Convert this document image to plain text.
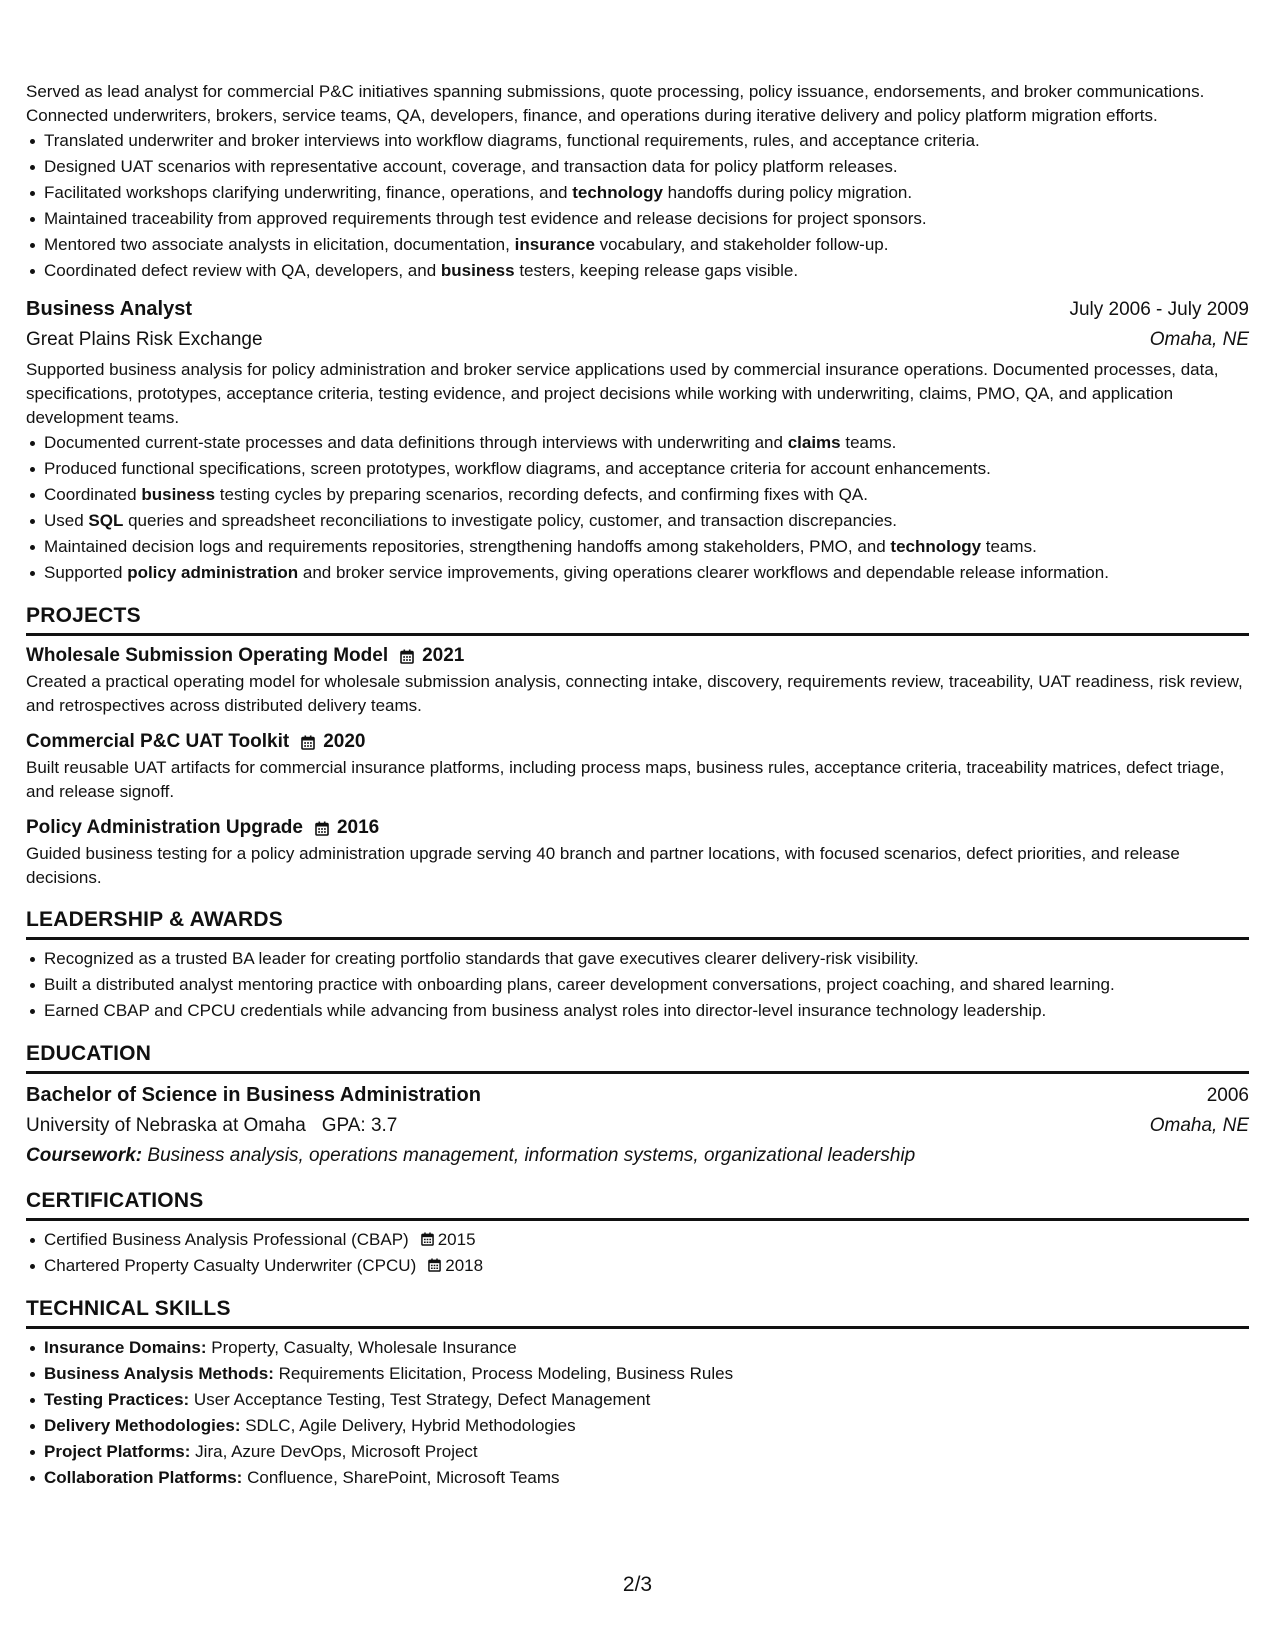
Served as lead analyst for commercial P&C initiatives spanning submissions, quote processing, policy issuance, endorsements, and broker communications. Connected underwriters, brokers, service teams, QA, developers, finance, and operations during iterative delivery and policy platform migration efforts.

Translated underwriter and broker interviews into workflow diagrams, functional requirements, rules, and acceptance criteria.
Designed UAT scenarios with representative account, coverage, and transaction data for policy platform releases.
Facilitated workshops clarifying underwriting, finance, operations, and technology handoffs during policy migration.
Maintained traceability from approved requirements through test evidence and release decisions for project sponsors.
Mentored two associate analysts in elicitation, documentation, insurance vocabulary, and stakeholder follow-up.
Coordinated defect review with QA, developers, and business testers, keeping release gaps visible.
Business Analyst	July 2006 - July 2009
Great Plains Risk Exchange	Omaha, NE

Supported business analysis for policy administration and broker service applications used by commercial insurance operations. Documented processes, data, specifications, prototypes, acceptance criteria, testing evidence, and project decisions while working with underwriting, claims, PMO, QA, and application development teams.

Documented current-state processes and data definitions through interviews with underwriting and claims teams.
Produced functional specifications, screen prototypes, workflow diagrams, and acceptance criteria for account enhancements.
Coordinated business testing cycles by preparing scenarios, recording defects, and confirming fixes with QA.
Used SQL queries and spreadsheet reconciliations to investigate policy, customer, and transaction discrepancies.
Maintained decision logs and requirements repositories, strengthening handoffs among stakeholders, PMO, and technology teams.
Supported policy administration and broker service improvements, giving operations clearer workflows and dependable release information.
PROJECTS
Wholesale Submission Operating Model 2021

Created a practical operating model for wholesale submission analysis, connecting intake, discovery, requirements review, traceability, UAT readiness, risk review, and retrospectives across distributed delivery teams.

Commercial P&C UAT Toolkit 2020

Built reusable UAT artifacts for commercial insurance platforms, including process maps, business rules, acceptance criteria, traceability matrices, defect triage, and release signoff.

Policy Administration Upgrade 2016

Guided business testing for a policy administration upgrade serving 40 branch and partner locations, with focused scenarios, defect priorities, and release decisions.

LEADERSHIP & AWARDS
Recognized as a trusted BA leader for creating portfolio standards that gave executives clearer delivery-risk visibility.
Built a distributed analyst mentoring practice with onboarding plans, career development conversations, project coaching, and shared learning.
Earned CBAP and CPCU credentials while advancing from business analyst roles into director-level insurance technology leadership.
EDUCATION
Bachelor of Science in Business Administration	2006
University of Nebraska at Omaha GPA: 3.7	Omaha, NE
Coursework: Business analysis, operations management, information systems, organizational leadership
CERTIFICATIONS
Certified Business Analysis Professional (CBAP) 2015
Chartered Property Casualty Underwriter (CPCU) 2018
TECHNICAL SKILLS
Insurance Domains: Property, Casualty, Wholesale Insurance
Business Analysis Methods: Requirements Elicitation, Process Modeling, Business Rules
Testing Practices: User Acceptance Testing, Test Strategy, Defect Management
Delivery Methodologies: SDLC, Agile Delivery, Hybrid Methodologies
Project Platforms: Jira, Azure DevOps, Microsoft Project
Collaboration Platforms: Confluence, SharePoint, Microsoft Teams
2/3
